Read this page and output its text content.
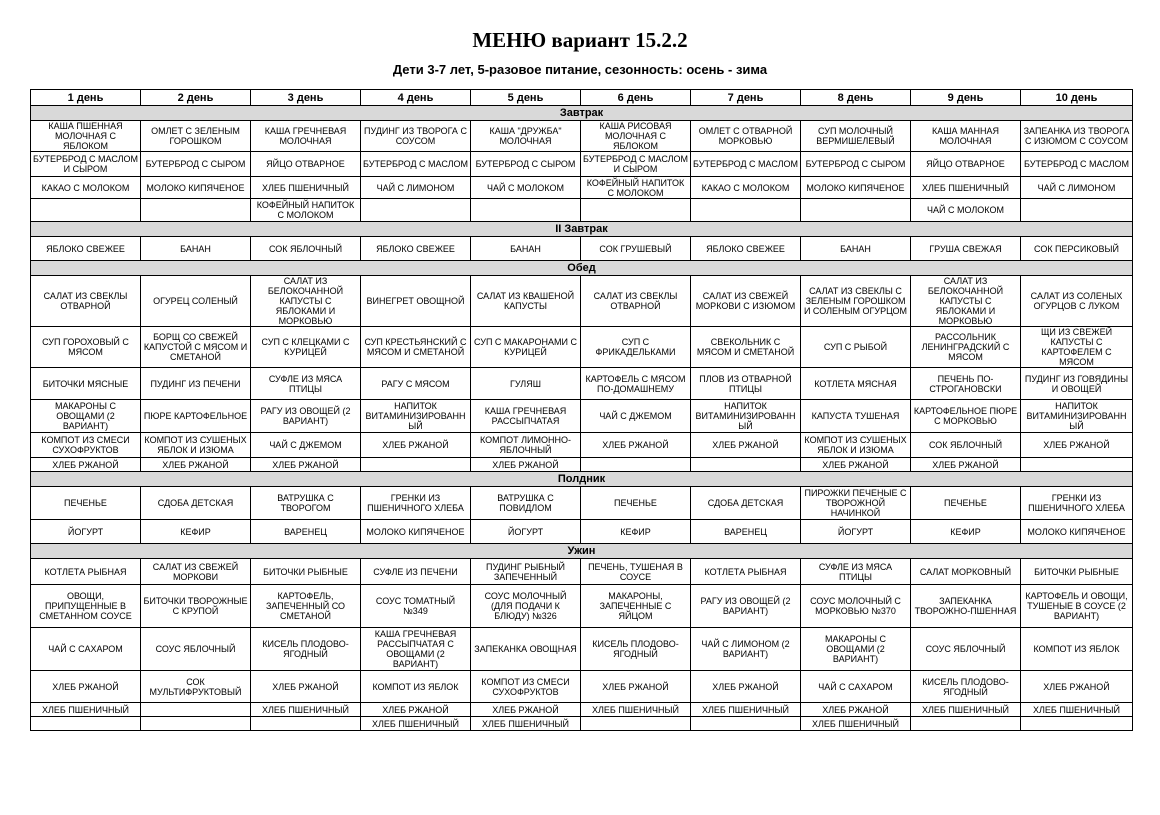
МЕНЮ вариант 15.2.2
Дети 3-7 лет, 5-разовое питание, сезонность: осень - зима
1 день	2 день	3 день	4 день	5 день	6 день	7 день	8 день	9 день	10 день
Завтрак									
КАША ПШЕННАЯ МОЛОЧНАЯ С ЯБЛОКОМ	ОМЛЕТ С ЗЕЛЕНЫМ ГОРОШКОМ	КАША ГРЕЧНЕВАЯ МОЛОЧНАЯ	ПУДИНГ ИЗ ТВОРОГА С СОУСОМ	КАША "ДРУЖБА" МОЛОЧНАЯ	КАША РИСОВАЯ МОЛОЧНАЯ С ЯБЛОКОМ	ОМЛЕТ С ОТВАРНОЙ МОРКОВЬЮ	СУП МОЛОЧНЫЙ ВЕРМИШЕЛЕВЫЙ	КАША МАННАЯ МОЛОЧНАЯ	ЗАПЕАНКА ИЗ ТВОРОГА С ИЗЮМОМ С СОУСОМ
БУТЕРБРОД С МАСЛОМ И СЫРОМ	БУТЕРБРОД С СЫРОМ	ЯЙЦО ОТВАРНОЕ	БУТЕРБРОД С МАСЛОМ	БУТЕРБРОД С СЫРОМ	БУТЕРБРОД С МАСЛОМ И СЫРОМ	БУТЕРБРОД С МАСЛОМ	БУТЕРБРОД С СЫРОМ	ЯЙЦО ОТВАРНОЕ	БУТЕРБРОД С МАСЛОМ
КАКАО С МОЛОКОМ	МОЛОКО КИПЯЧЕНОЕ	ХЛЕБ ПШЕНИЧНЫЙ	ЧАЙ С ЛИМОНОМ	ЧАЙ С МОЛОКОМ	КОФЕЙНЫЙ НАПИТОК С МОЛОКОМ	КАКАО С МОЛОКОМ	МОЛОКО КИПЯЧЕНОЕ	ХЛЕБ ПШЕНИЧНЫЙ	ЧАЙ С ЛИМОНОМ
		КОФЕЙНЫЙ НАПИТОК С МОЛОКОМ						ЧАЙ С МОЛОКОМ	
II Завтрак									
ЯБЛОКО СВЕЖЕЕ	БАНАН	СОК ЯБЛОЧНЫЙ	ЯБЛОКО СВЕЖЕЕ	БАНАН	СОК ГРУШЕВЫЙ	ЯБЛОКО СВЕЖЕЕ	БАНАН	ГРУША СВЕЖАЯ	СОК ПЕРСИКОВЫЙ
Обед									
САЛАТ ИЗ СВЕКЛЫ ОТВАРНОЙ	ОГУРЕЦ СОЛЕНЫЙ	САЛАТ ИЗ БЕЛОКОЧАННОЙ КАПУСТЫ С ЯБЛОКАМИ И МОРКОВЬЮ	ВИНЕГРЕТ ОВОЩНОЙ	САЛАТ ИЗ КВАШЕНОЙ КАПУСТЫ	САЛАТ ИЗ СВЕКЛЫ ОТВАРНОЙ	САЛАТ ИЗ СВЕЖЕЙ МОРКОВИ С ИЗЮМОМ	САЛАТ ИЗ СВЕКЛЫ С ЗЕЛЕНЫМ ГОРОШКОМ И СОЛЕНЫМ ОГУРЦОМ	САЛАТ ИЗ БЕЛОКОЧАННОЙ КАПУСТЫ С ЯБЛОКАМИ И МОРКОВЬЮ	САЛАТ ИЗ СОЛЕНЫХ ОГУРЦОВ С ЛУКОМ
СУП ГОРОХОВЫЙ С МЯСОМ	БОРЩ СО СВЕЖЕЙ КАПУСТОЙ С МЯСОМ И СМЕТАНОЙ	СУП С КЛЕЦКАМИ С КУРИЦЕЙ	СУП КРЕСТЬЯНСКИЙ С МЯСОМ И СМЕТАНОЙ	СУП С МАКАРОНАМИ С КУРИЦЕЙ	СУП С ФРИКАДЕЛЬКАМИ	СВЕКОЛЬНИК С МЯСОМ И СМЕТАНОЙ	СУП С РЫБОЙ	РАССОЛЬНИК ЛЕНИНГРАДСКИЙ С МЯСОМ	ЩИ ИЗ СВЕЖЕЙ КАПУСТЫ С КАРТОФЕЛЕМ С МЯСОМ
БИТОЧКИ МЯСНЫЕ	ПУДИНГ ИЗ ПЕЧЕНИ	СУФЛЕ ИЗ МЯСА ПТИЦЫ	РАГУ С МЯСОМ	ГУЛЯШ	КАРТОФЕЛЬ С МЯСОМ ПО-ДОМАШНЕМУ	ПЛОВ ИЗ ОТВАРНОЙ ПТИЦЫ	КОТЛЕТА МЯСНАЯ	ПЕЧЕНЬ ПО-СТРОГАНОВСКИ	ПУДИНГ ИЗ ГОВЯДИНЫ И ОВОЩЕЙ
МАКАРОНЫ С ОВОЩАМИ (2 ВАРИАНТ)	ПЮРЕ КАРТОФЕЛЬНОЕ	РАГУ ИЗ ОВОЩЕЙ (2 ВАРИАНТ)	НАПИТОК ВИТАМИНИЗИРОВАНН ЫЙ	КАША ГРЕЧНЕВАЯ РАССЫПЧАТАЯ	ЧАЙ С ДЖЕМОМ	НАПИТОК ВИТАМИНИЗИРОВАНН ЫЙ	КАПУСТА ТУШЕНАЯ	КАРТОФЕЛЬНОЕ ПЮРЕ С МОРКОВЬЮ	НАПИТОК ВИТАМИНИЗИРОВАНН ЫЙ
КОМПОТ ИЗ СМЕСИ СУХОФРУКТОВ	КОМПОТ ИЗ СУШЕНЫХ ЯБЛОК И ИЗЮМА	ЧАЙ С ДЖЕМОМ	ХЛЕБ РЖАНОЙ	КОМПОТ ЛИМОННО-ЯБЛОЧНЫЙ	ХЛЕБ РЖАНОЙ	ХЛЕБ РЖАНОЙ	КОМПОТ ИЗ СУШЕНЫХ ЯБЛОК И ИЗЮМА	СОК ЯБЛОЧНЫЙ	ХЛЕБ РЖАНОЙ
ХЛЕБ РЖАНОЙ	ХЛЕБ РЖАНОЙ	ХЛЕБ РЖАНОЙ		ХЛЕБ РЖАНОЙ			ХЛЕБ РЖАНОЙ	ХЛЕБ РЖАНОЙ	
Полдник									
ПЕЧЕНЬЕ	СДОБА ДЕТСКАЯ	ВАТРУШКА С ТВОРОГОМ	ГРЕНКИ ИЗ ПШЕНИЧНОГО ХЛЕБА	ВАТРУШКА С ПОВИДЛОМ	ПЕЧЕНЬЕ	СДОБА ДЕТСКАЯ	ПИРОЖКИ ПЕЧЕНЫЕ С ТВОРОЖНОЙ НАЧИНКОЙ	ПЕЧЕНЬЕ	ГРЕНКИ ИЗ ПШЕНИЧНОГО ХЛЕБА
ЙОГУРТ	КЕФИР	ВАРЕНЕЦ	МОЛОКО КИПЯЧЕНОЕ	ЙОГУРТ	КЕФИР	ВАРЕНЕЦ	ЙОГУРТ	КЕФИР	МОЛОКО КИПЯЧЕНОЕ
Ужин									
КОТЛЕТА РЫБНАЯ	САЛАТ ИЗ СВЕЖЕЙ МОРКОВИ	БИТОЧКИ РЫБНЫЕ	СУФЛЕ ИЗ ПЕЧЕНИ	ПУДИНГ РЫБНЫЙ ЗАПЕЧЕННЫЙ	ПЕЧЕНЬ, ТУШЕНАЯ В СОУСЕ	КОТЛЕТА РЫБНАЯ	СУФЛЕ ИЗ МЯСА ПТИЦЫ	САЛАТ МОРКОВНЫЙ	БИТОЧКИ РЫБНЫЕ
ОВОЩИ, ПРИПУЩЕННЫЕ В СМЕТАННОМ СОУСЕ	БИТОЧКИ ТВОРОЖНЫЕ С КРУПОЙ	КАРТОФЕЛЬ, ЗАПЕЧЕННЫЙ СО СМЕТАНОЙ	СОУС ТОМАТНЫЙ №349	СОУС МОЛОЧНЫЙ (ДЛЯ ПОДАЧИ К БЛЮДУ) №326	МАКАРОНЫ, ЗАПЕЧЕННЫЕ С ЯЙЦОМ	РАГУ ИЗ ОВОЩЕЙ (2 ВАРИАНТ)	СОУС МОЛОЧНЫЙ С МОРКОВЬЮ №370	ЗАПЕКАНКА ТВОРОЖНО-ПШЕННАЯ	КАРТОФЕЛЬ И ОВОЩИ, ТУШЕНЫЕ В СОУСЕ (2 ВАРИАНТ)
ЧАЙ С САХАРОМ	СОУС ЯБЛОЧНЫЙ	КИСЕЛЬ ПЛОДОВО-ЯГОДНЫЙ	КАША ГРЕЧНЕВАЯ РАССЫПЧАТАЯ С ОВОЩАМИ (2 ВАРИАНТ)	ЗАПЕКАНКА ОВОЩНАЯ	КИСЕЛЬ ПЛОДОВО-ЯГОДНЫЙ	ЧАЙ С ЛИМОНОМ (2 ВАРИАНТ)	МАКАРОНЫ С ОВОЩАМИ (2 ВАРИАНТ)	СОУС ЯБЛОЧНЫЙ	КОМПОТ ИЗ ЯБЛОК
ХЛЕБ РЖАНОЙ	СОК МУЛЬТИФРУКТОВЫЙ	ХЛЕБ РЖАНОЙ	КОМПОТ ИЗ ЯБЛОК	КОМПОТ ИЗ СМЕСИ СУХОФРУКТОВ	ХЛЕБ РЖАНОЙ	ХЛЕБ РЖАНОЙ	ЧАЙ С САХАРОМ	КИСЕЛЬ ПЛОДОВО-ЯГОДНЫЙ	ХЛЕБ РЖАНОЙ
ХЛЕБ ПШЕНИЧНЫЙ		ХЛЕБ ПШЕНИЧНЫЙ	ХЛЕБ РЖАНОЙ	ХЛЕБ РЖАНОЙ	ХЛЕБ ПШЕНИЧНЫЙ	ХЛЕБ ПШЕНИЧНЫЙ	ХЛЕБ РЖАНОЙ	ХЛЕБ ПШЕНИЧНЫЙ	ХЛЕБ ПШЕНИЧНЫЙ
			ХЛЕБ ПШЕНИЧНЫЙ	ХЛЕБ ПШЕНИЧНЫЙ			ХЛЕБ ПШЕНИЧНЫЙ		
